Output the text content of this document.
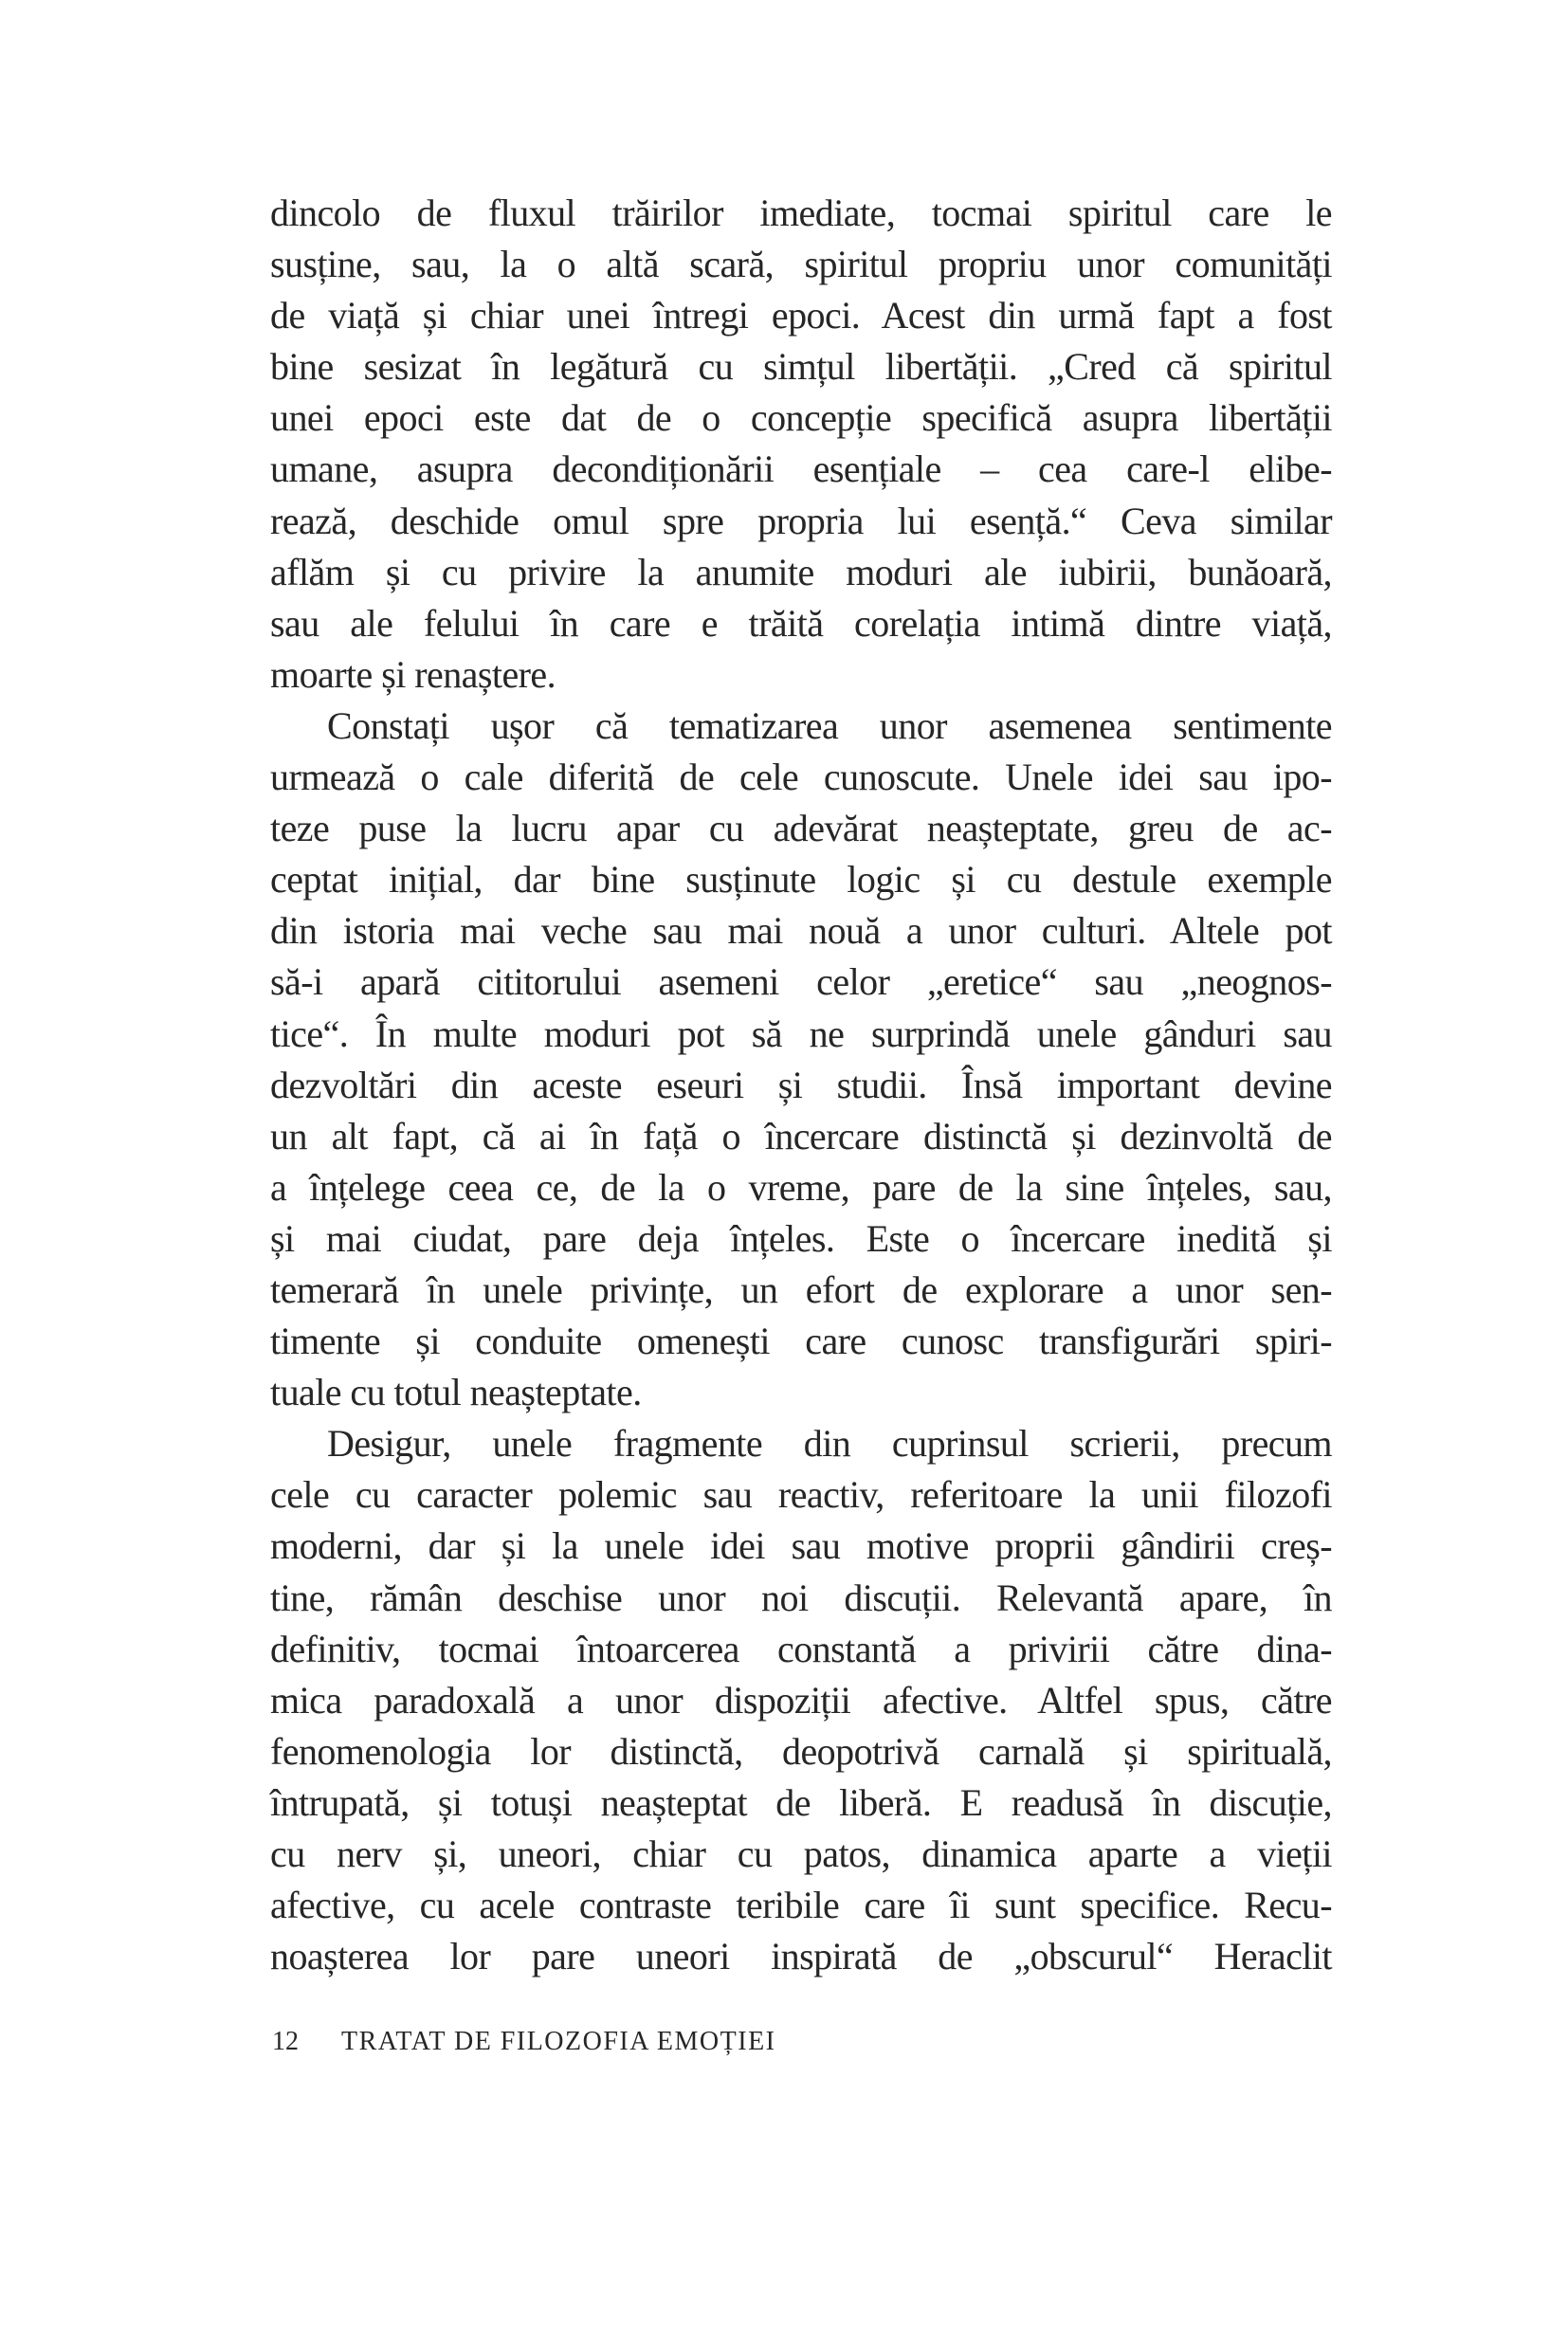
dincolo de fluxul trăirilor imediate, tocmai spiritul care le
susține, sau, la o altă scară, spiritul propriu unor comunități
de viață și chiar unei întregi epoci. Acest din urmă fapt a fost
bine sesizat în legătură cu simțul libertății. „Cred că spiritul
unei epoci este dat de o concepție specifică asupra libertății
umane, asupra decondiționării esențiale – cea care-l elibe-
rează, deschide omul spre propria lui esență.“ Ceva similar
aflăm și cu privire la anumite moduri ale iubirii, bunăoară,
sau ale felului în care e trăită corelația intimă dintre viață,
moarte și renaștere.
Constați ușor că tematizarea unor asemenea sentimente
urmează o cale diferită de cele cunoscute. Unele idei sau ipo-
teze puse la lucru apar cu adevărat neașteptate, greu de ac-
ceptat inițial, dar bine susținute logic și cu destule exemple
din istoria mai veche sau mai nouă a unor culturi. Altele pot
să-i apară cititorului asemeni celor „eretice“ sau „neognos-
tice“. În multe moduri pot să ne surprindă unele gânduri sau
dezvoltări din aceste eseuri și studii. Însă important devine
un alt fapt, că ai în față o încercare distinctă și dezinvoltă de
a înțelege ceea ce, de la o vreme, pare de la sine înțeles, sau,
și mai ciudat, pare deja înțeles. Este o încercare inedită și
temerară în unele privințe, un efort de explorare a unor sen-
timente și conduite omenești care cunosc transfigurări spiri-
tuale cu totul neașteptate.
Desigur, unele fragmente din cuprinsul scrierii, precum
cele cu caracter polemic sau reactiv, referitoare la unii filozofi
moderni, dar și la unele idei sau motive proprii gândirii creș-
tine, rămân deschise unor noi discuții. Relevantă apare, în
definitiv, tocmai întoarcerea constantă a privirii către dina-
mica paradoxală a unor dispoziții afective. Altfel spus, către
fenomenologia lor distinctă, deopotrivă carnală și spirituală,
întrupată, și totuși neașteptat de liberă. E readusă în discuție,
cu nerv și, uneori, chiar cu patos, dinamica aparte a vieții
afective, cu acele contraste teribile care îi sunt specifice. Recu-
noașterea lor pare uneori inspirată de „obscurul“ Heraclit
12 TRATAT DE FILOZOFIA EMOȚIEI
